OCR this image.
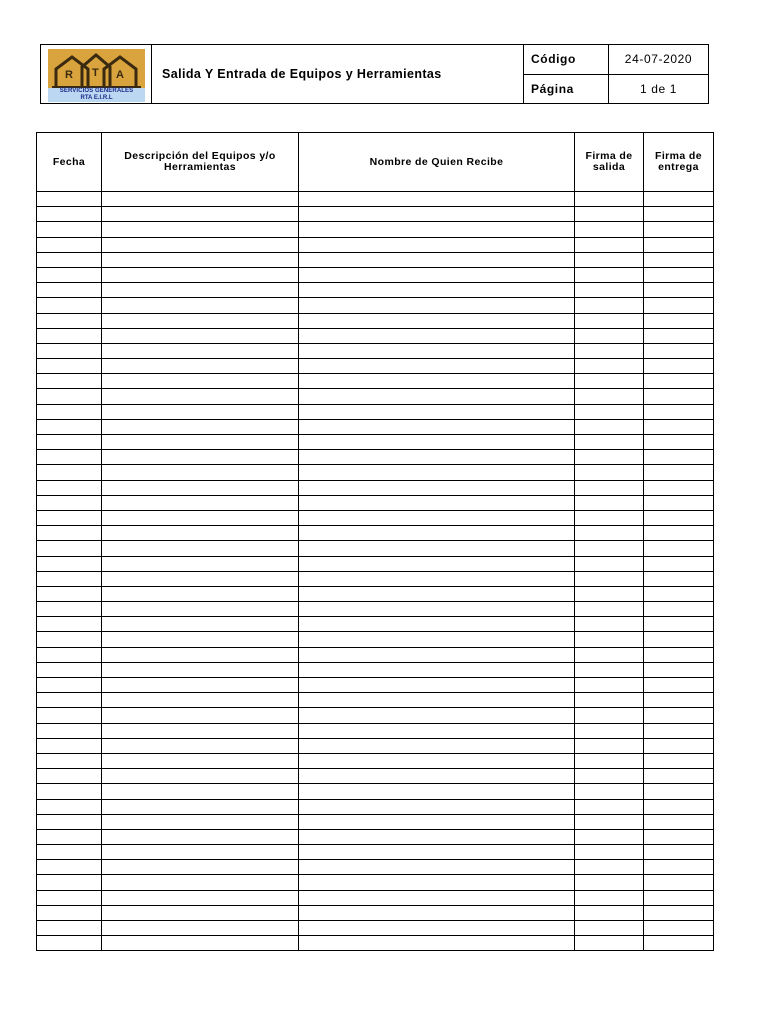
R T A
SERVICIOS GENERALES
RTA E.I.R.L	Salida Y Entrada de Equipos y Herramientas	Código	24-07-2020
		Página	1 de 1
Fecha	Descripción del Equipos y/o Herramientas	Nombre de Quien Recibe	Firma de salida	Firma de entrega
